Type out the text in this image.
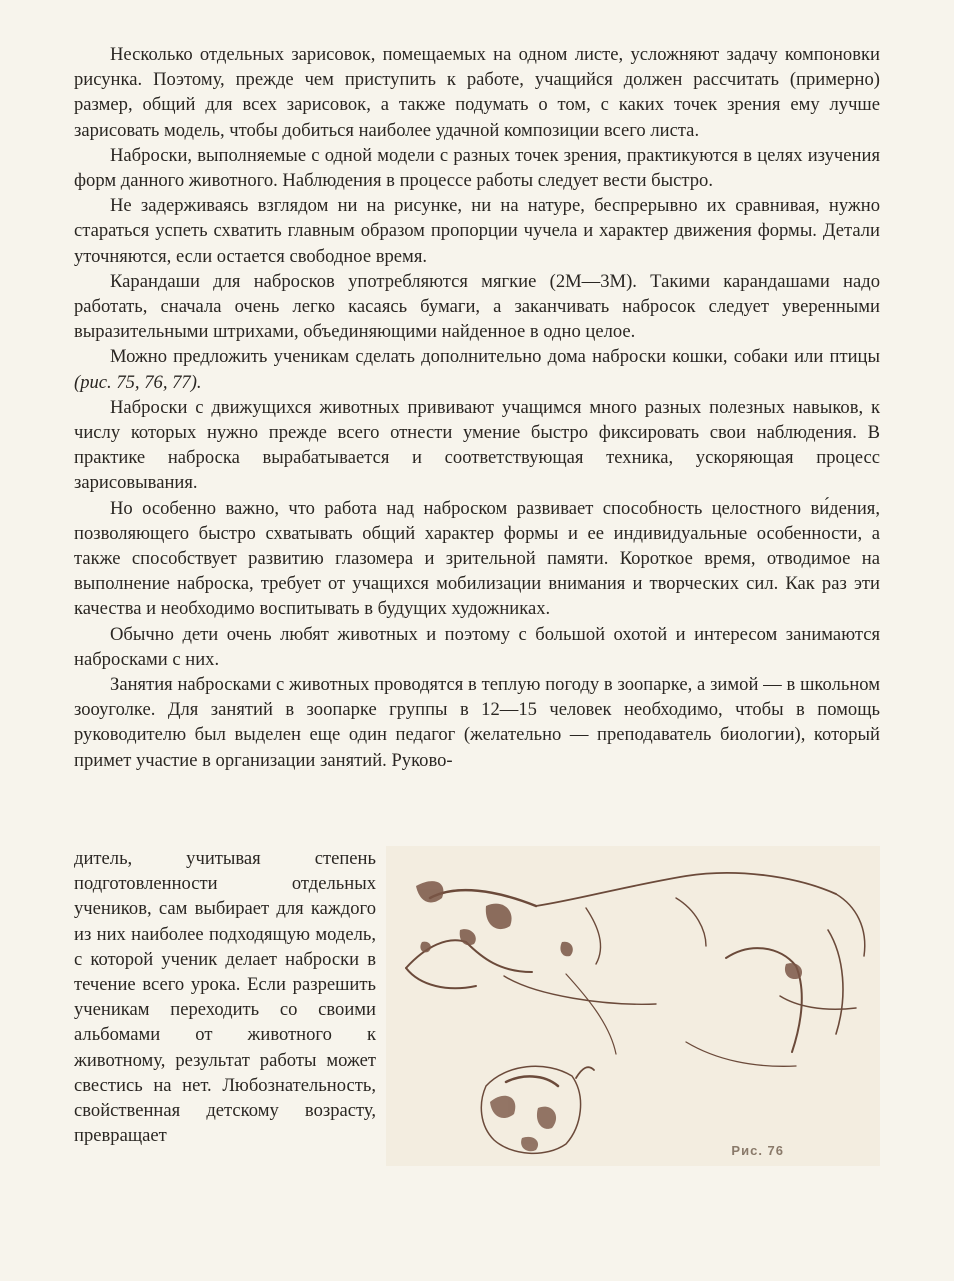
Несколько отдельных зарисовок, помещаемых на одном листе, усложняют задачу компоновки рисунка. Поэтому, прежде чем приступить к работе, учащийся должен рассчитать (примерно) размер, общий для всех зарисовок, а также подумать о том, с каких точек зрения ему лучше зарисовать модель, чтобы добиться наиболее удачной композиции всего листа.

Наброски, выполняемые с одной модели с разных точек зрения, практикуются в целях изучения форм данного животного. Наблюдения в процессе работы следует вести быстро.

Не задерживаясь взглядом ни на рисунке, ни на натуре, беспрерывно их сравнивая, нужно стараться успеть схватить главным образом пропорции чучела и характер движения формы. Детали уточняются, если остается свободное время.

Карандаши для набросков употребляются мягкие (2М—3М). Такими карандашами надо работать, сначала очень легко касаясь бумаги, а заканчивать набросок следует уверенными выразительными штрихами, объединяющими найденное в одно целое.

Можно предложить ученикам сделать дополнительно дома наброски кошки, собаки или птицы (рис. 75, 76, 77).

Наброски с движущихся животных прививают учащимся много разных полезных навыков, к числу которых нужно прежде всего отнести умение быстро фиксировать свои наблюдения. В практике наброска вырабатывается и соответствующая техника, ускоряющая процесс зарисовывания.

Но особенно важно, что работа над наброском развивает способность целостного ви́дения, позволяющего быстро схватывать общий характер формы и ее индивидуальные особенности, а также способствует развитию глазомера и зрительной памяти. Короткое время, отводимое на выполнение наброска, требует от учащихся мобилизации внимания и творческих сил. Как раз эти качества и необходимо воспитывать в будущих художниках.

Обычно дети очень любят животных и поэтому с большой охотой и интересом занимаются набросками с них.

Занятия набросками с животных проводятся в теплую погоду в зоопарке, а зимой — в школьном зооуголке. Для занятий в зоопарке группы в 12—15 человек необходимо, чтобы в помощь руководителю был выделен еще один педагог (желательно — преподаватель биологии), который примет участие в организации занятий. Руково-

дитель, учитывая степень подготовленности отдельных учеников, сам выбирает для каждого из них наиболее подходящую модель, с которой ученик делает наброски в течение всего урока. Если разрешить ученикам переходить со своими альбомами от животного к животному, результат работы может свестись на нет. Любознательность, свойственная детскому возрасту, превращает

Рис. 76
